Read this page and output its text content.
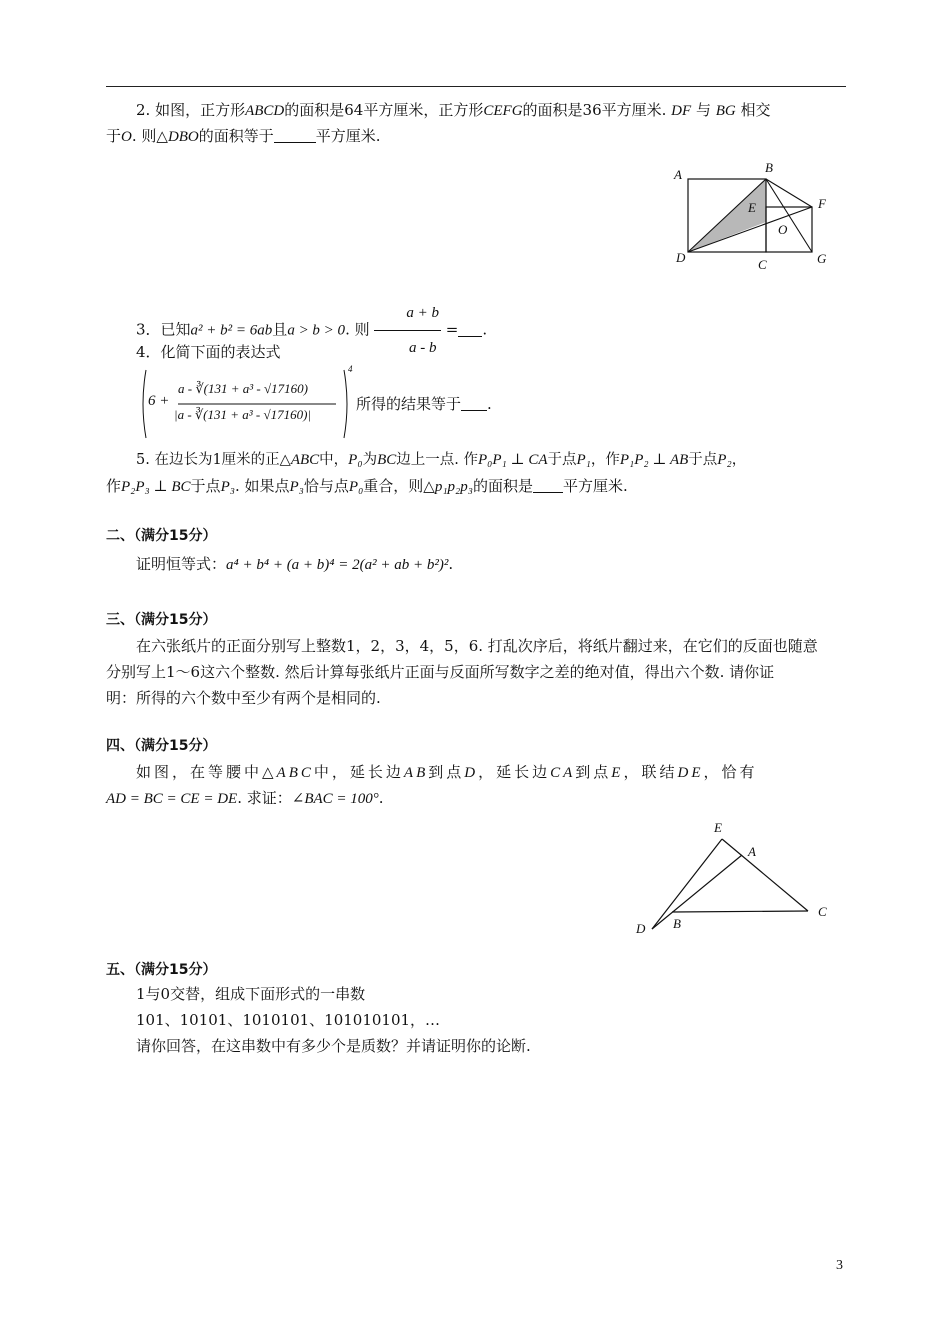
2. 如图，正方形ABCD的面积是64平方厘米，正方形CEFG的面积是36平方厘米. DF 与 BG 相交
于O. 则△DBO的面积等于	平方厘米.
A	B
E	F
O
D	C	G
3．已知a² + b² = 6ab且a > b > 0. 则 $\frac{a + b}{a - b}$ = .
4．化简下面的表达式
6 +
a - ∛(131 + a³ - √17160)
|a - ∛(131 + a³ - √17160)|
4
所得的结果等于 .
5. 在边长为1厘米的正△ABC中，P₀为BC边上一点. 作P₀P₁ ⊥ CA于点P₁，作P₁P₂ ⊥ AB于点P₂，
作P₂P₃ ⊥ BC于点P₃. 如果点P₃恰与点P₀重合，则△p₁p₂p₃的面积是 平方厘米.
二、（满分15分）
证明恒等式：a⁴ + b⁴ + (a + b)⁴ = 2(a² + ab + b²)².
三、（满分15分）
在六张纸片的正面分别写上整数1，2，3，4，5，6. 打乱次序后，将纸片翻过来，在它们的反面也随意
分别写上1～6这六个整数. 然后计算每张纸片正面与反面所写数字之差的绝对值，得出六个数. 请你证
明：所得的六个数中至少有两个是相同的.
四、（满分15分）
如图，在等腰中△ABC中，延长边AB到点D，延长边CA到点E，联结DE，恰有
AD = BC = CE = DE. 求证：∠BAC = 100°.
E
A
C
B
D
五、（满分15分）
1与0交替，组成下面形式的一串数
101、10101、1010101、101010101，…
请你回答，在这串数中有多少个是质数？并请证明你的论断.
3
